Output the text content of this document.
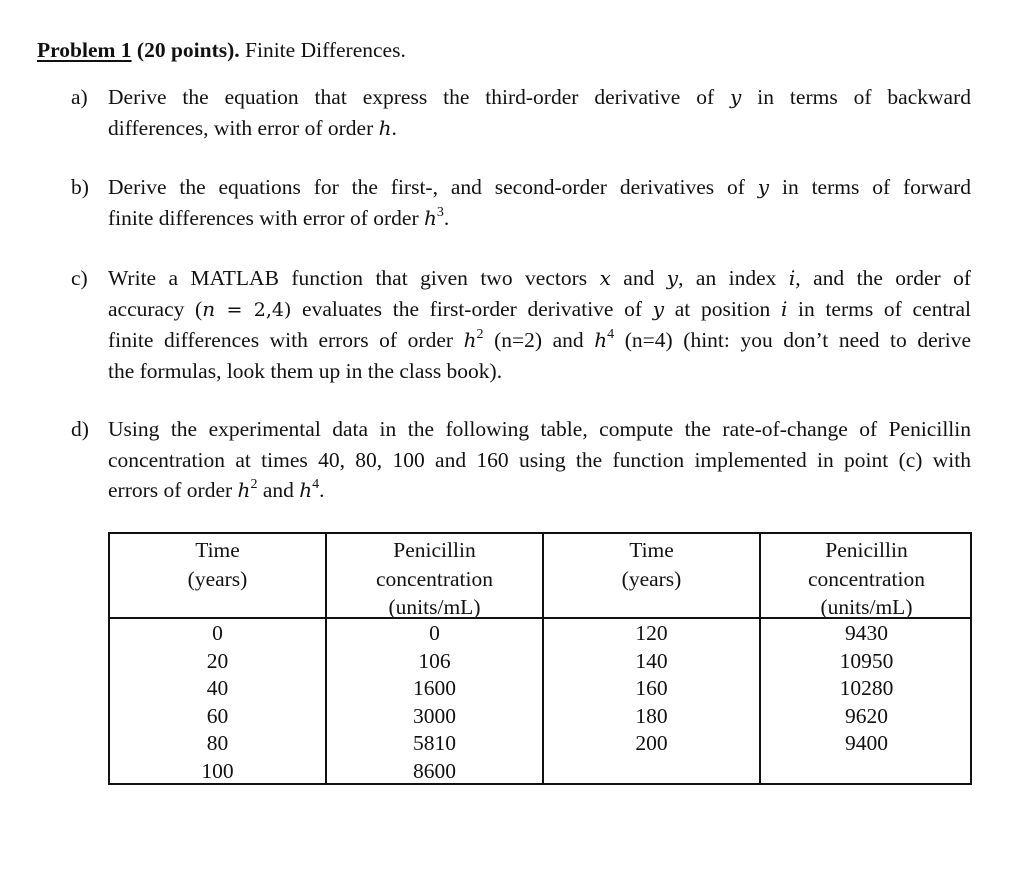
Problem 1 (20 points). Finite Differences.
a) Derive the equation that express the third-order derivative of y in terms of backward
differences, with error of order h.
b) Derive the equations for the first-, and second-order derivatives of y in terms of forward
finite differences with error of order $h^3$.
c) Write a MATLAB function that given two vectors x and y, an index i, and the order of
accuracy (n = 2,4) evaluates the first-order derivative of y at position i in terms of central
finite differences with errors of order $h^2$ (n=2) and $h^4$ (n=4) (hint: you don’t need to derive
the formulas, look them up in the class book).
d) Using the experimental data in the following table, compute the rate-of-change of Penicillin
concentration at times 40, 80, 100 and 160 using the function implemented in point (c) with
errors of order $h^2$ and $h^4$.
Time
(years)
0
20
40
60
80
100
Penicillin
concentration
(units/mL)
0
106
1600
3000
5810
8600
Time
(years)
120
140
160
180
200
Penicillin
concentration
(units/mL)
9430
10950
10280
9620
9400
